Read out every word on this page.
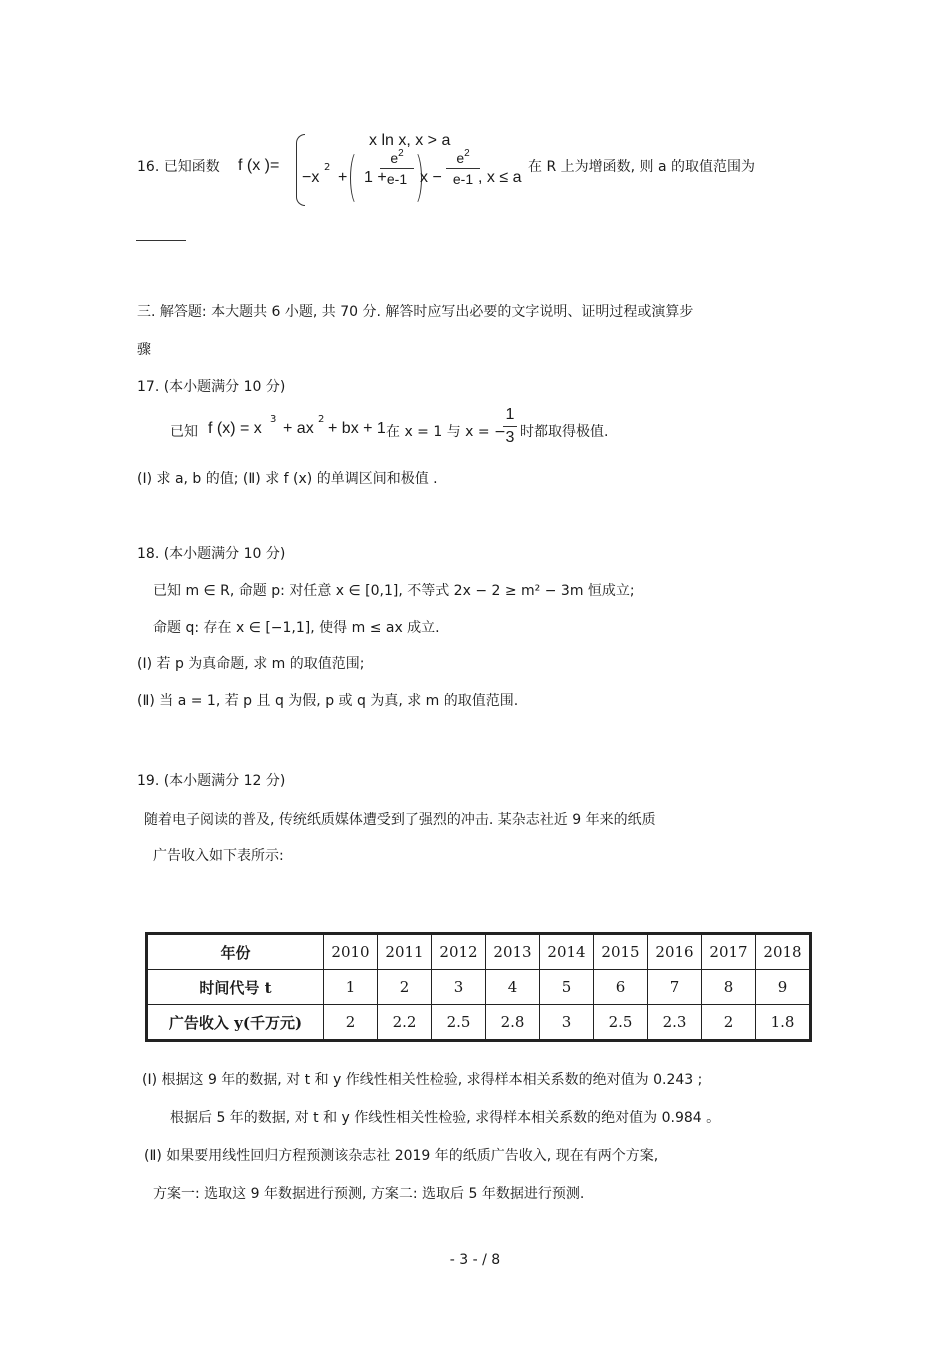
16. 已知函数 f (x )=
x ln x, x > a
−x
2
+ 1 +
$e^2$
e-1 x −
$e^2$
e-1 , x ≤ a
在 R 上为增函数, 则 a 的取值范围为
三. 解答题: 本大题共 6 小题, 共 70 分. 解答时应写出必要的文字说明、证明过程或演算步
骤
17. (本小题满分 10 分)
已知 f (x) = x
3
+ ax
2
+ bx + 1 在 x = 1 与 x = −
1
3 时都取得极值.
(Ⅰ) 求 a, b 的值; (Ⅱ) 求 f (x) 的单调区间和极值 .
18. (本小题满分 10 分)
已知 m ∈ R, 命题 p: 对任意 x ∈ [0,1], 不等式 2x − 2 ≥ m² − 3m 恒成立;
命题 q: 存在 x ∈ [−1,1], 使得 m ≤ ax 成立.
(Ⅰ) 若 p 为真命题, 求 m 的取值范围;
(Ⅱ) 当 a = 1, 若 p 且 q 为假, p 或 q 为真, 求 m 的取值范围.
19. (本小题满分 12 分)
随着电子阅读的普及, 传统纸质媒体遭受到了强烈的冲击. 某杂志社近 9 年来的纸质
广告收入如下表所示:
年份	2010	2011	2012	2013	2014	2015	2016	2017	2018
时间代号 t	1	2	3	4	5	6	7	8	9
广告收入 y(千万元)	2	2.2	2.5	2.8	3	2.5	2.3	2	1.8
(Ⅰ) 根据这 9 年的数据, 对 t 和 y 作线性相关性检验, 求得样本相关系数的绝对值为 0.243 ;
根据后 5 年的数据, 对 t 和 y 作线性相关性检验, 求得样本相关系数的绝对值为 0.984 。
(Ⅱ) 如果要用线性回归方程预测该杂志社 2019 年的纸质广告收入, 现在有两个方案,
方案一: 选取这 9 年数据进行预测, 方案二: 选取后 5 年数据进行预测.
- 3 - / 8
